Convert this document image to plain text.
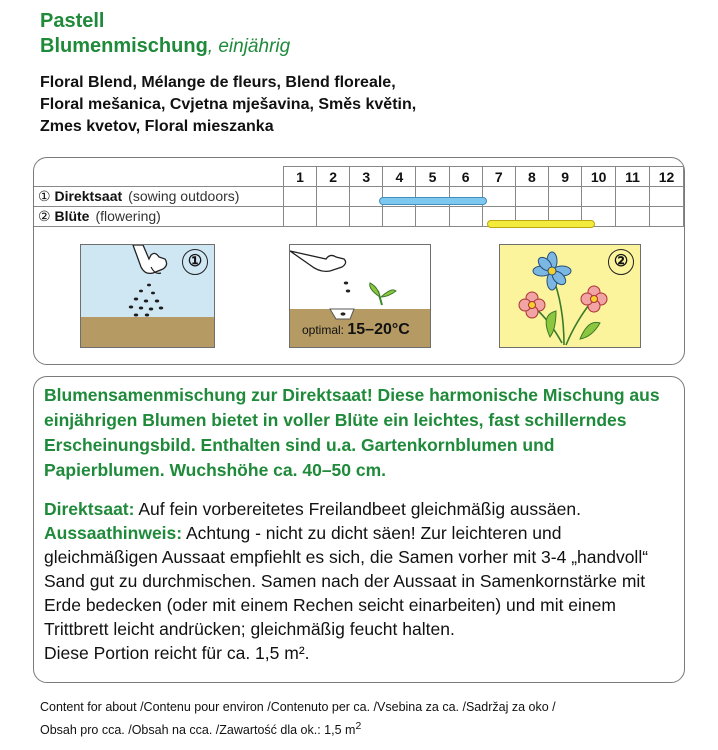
Pastell
Blumenmischung, einjährig
Floral Blend, Mélange de fleurs, Blend floreale,
Floral mešanica, Cvjetna mješavina, Směs květin,
Zmes kvetov, Floral mieszanka
	1	2	3	4	5	6	7	8	9	10	11	12
① Direktsaat (sowing outdoors)												
② Blüte (flowering)												
①
optimal: 15–20°C
②
Blumensamenmischung zur Direktsaat! Diese harmonische Mischung aus einjährigen Blumen bietet in voller Blüte ein leichtes, fast schillerndes Erscheinungsbild. Enthalten sind u.a. Gartenkornblumen und Papierblumen. Wuchshöhe ca. 40–50 cm.
Direktsaat: Auf fein vorbereitetes Freilandbeet gleichmäßig aussäen.
Aussaathinweis: Achtung - nicht zu dicht säen! Zur leichteren und gleichmäßigen Aussaat empfiehlt es sich, die Samen vorher mit 3-4 „handvoll“ Sand gut zu durchmischen. Samen nach der Aussaat in Samenkornstärke mit Erde bedecken (oder mit einem Rechen seicht einarbeiten) und mit einem Trittbrett leicht andrücken; gleichmäßig feucht halten.
Diese Portion reicht für ca. 1,5 m².
Content for about /Contenu pour environ /Contenuto per ca. /Vsebina za ca. /Sadržaj za oko /
Obsah pro cca. /Obsah na cca. /Zawartość dla ok.: 1,5 $m^2$
